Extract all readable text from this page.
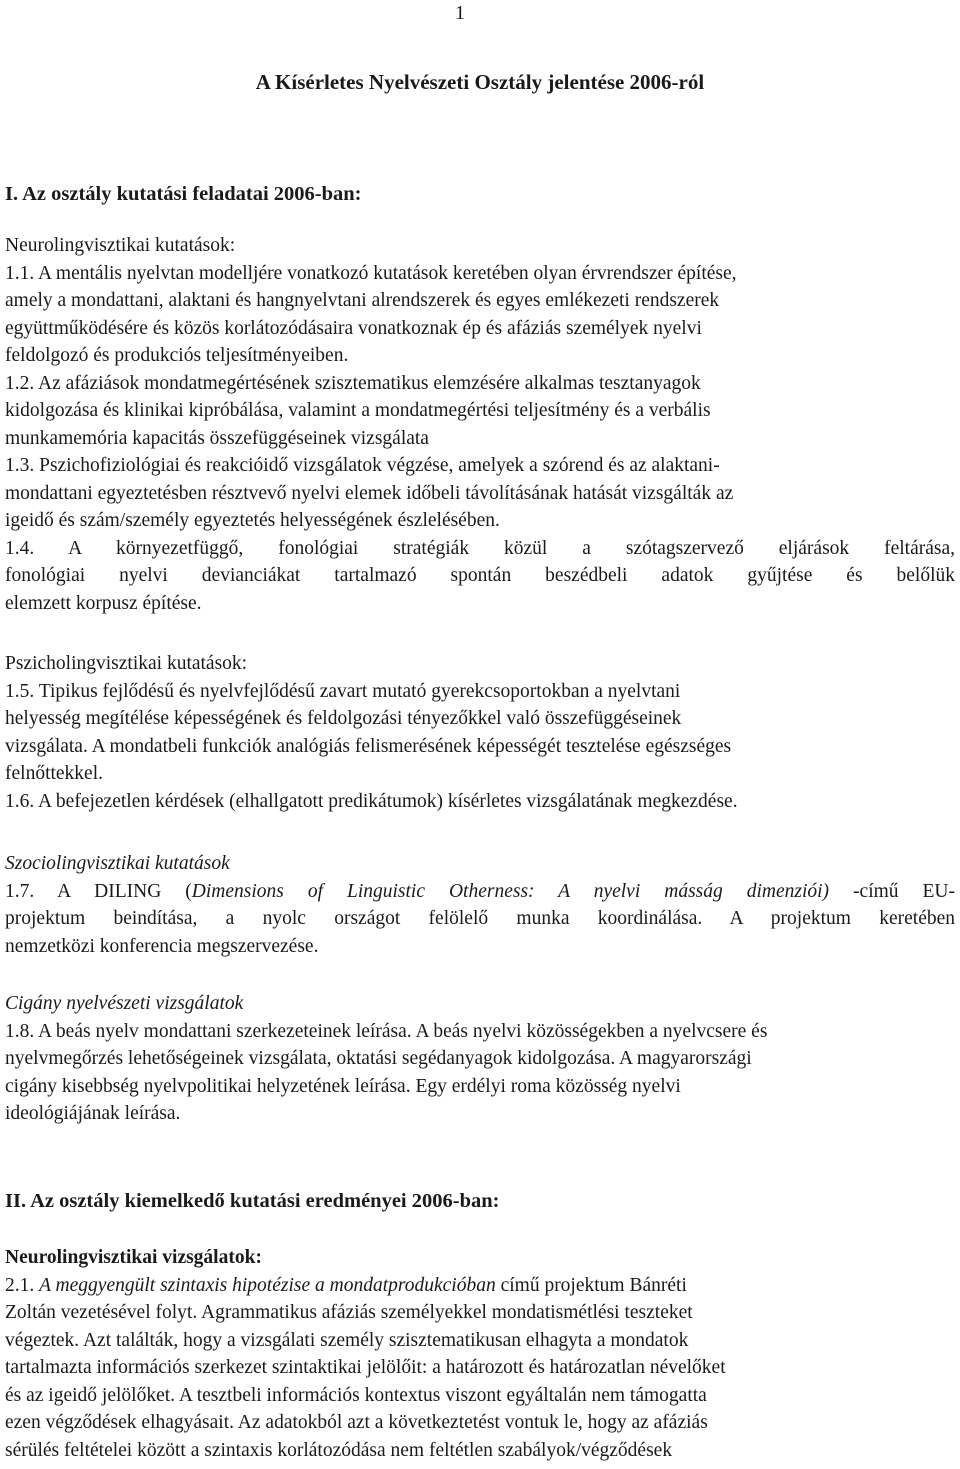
1
A Kísérletes Nyelvészeti Osztály jelentése 2006-ról
I. Az osztály kutatási feladatai 2006-ban:
Neurolingvisztikai kutatások:
1.1. A mentális nyelvtan modelljére vonatkozó kutatások keretében olyan érvrendszer építése,
amely a mondattani, alaktani és hangnyelvtani alrendszerek és egyes emlékezeti rendszerek
együttműködésére és közös korlátozódásaira vonatkoznak ép és afáziás személyek nyelvi
feldolgozó és produkciós teljesítményeiben.
1.2. Az afáziások mondatmegértésének szisztematikus elemzésére alkalmas tesztanyagok
kidolgozása és klinikai kipróbálása, valamint a mondatmegértési teljesítmény és a verbális
munkamemória kapacitás összefüggéseinek vizsgálata
1.3. Pszichofiziológiai és reakcióidő vizsgálatok végzése, amelyek a szórend és az alaktani-
mondattani egyeztetésben résztvevő nyelvi elemek időbeli távolításának hatását vizsgálták az
igeidő és szám/személy egyeztetés helyességének észlelésében.
1.4. A környezetfüggő, fonológiai stratégiák közül a szótagszervező eljárások feltárása,
fonológiai nyelvi devianciákat tartalmazó spontán beszédbeli adatok gyűjtése és belőlük
elemzett korpusz építése.
Pszicholingvisztikai kutatások:
1.5. Tipikus fejlődésű és nyelvfejlődésű zavart mutató gyerekcsoportokban a nyelvtani
helyesség megítélése képességének és feldolgozási tényezőkkel való összefüggéseinek
vizsgálata. A mondatbeli funkciók analógiás felismerésének képességét tesztelése egészséges
felnőttekkel.
1.6. A befejezetlen kérdések (elhallgatott predikátumok) kísérletes vizsgálatának megkezdése.
Szociolingvisztikai kutatások
1.7. A DILING (Dimensions of Linguistic Otherness: A nyelvi másság dimenziói) -című EU-
projektum beindítása, a nyolc országot felölelő munka koordinálása. A projektum keretében
nemzetközi konferencia megszervezése.
Cigány nyelvészeti vizsgálatok
1.8. A beás nyelv mondattani szerkezeteinek leírása. A beás nyelvi közösségekben a nyelvcsere és
nyelvmegőrzés lehetőségeinek vizsgálata, oktatási segédanyagok kidolgozása. A magyarországi
cigány kisebbség nyelvpolitikai helyzetének leírása. Egy erdélyi roma közösség nyelvi
ideológiájának leírása.
II. Az osztály kiemelkedő kutatási eredményei 2006-ban:
Neurolingvisztikai vizsgálatok:
2.1. A meggyengült szintaxis hipotézise a mondatprodukcióban című projektum Bánréti
Zoltán vezetésével folyt. Agrammatikus afáziás személyekkel mondatismétlési teszteket
végeztek. Azt találták, hogy a vizsgálati személy szisztematikusan elhagyta a mondatok
tartalmazta információs szerkezet szintaktikai jelölőit: a határozott és határozatlan névelőket
és az igeidő jelölőket. A tesztbeli információs kontextus viszont egyáltalán nem támogatta
ezen végződések elhagyásait. Az adatokból azt a következtetést vontuk le, hogy az afáziás
sérülés feltételei között a szintaxis korlátozódása nem feltétlen szabályok/végződések
